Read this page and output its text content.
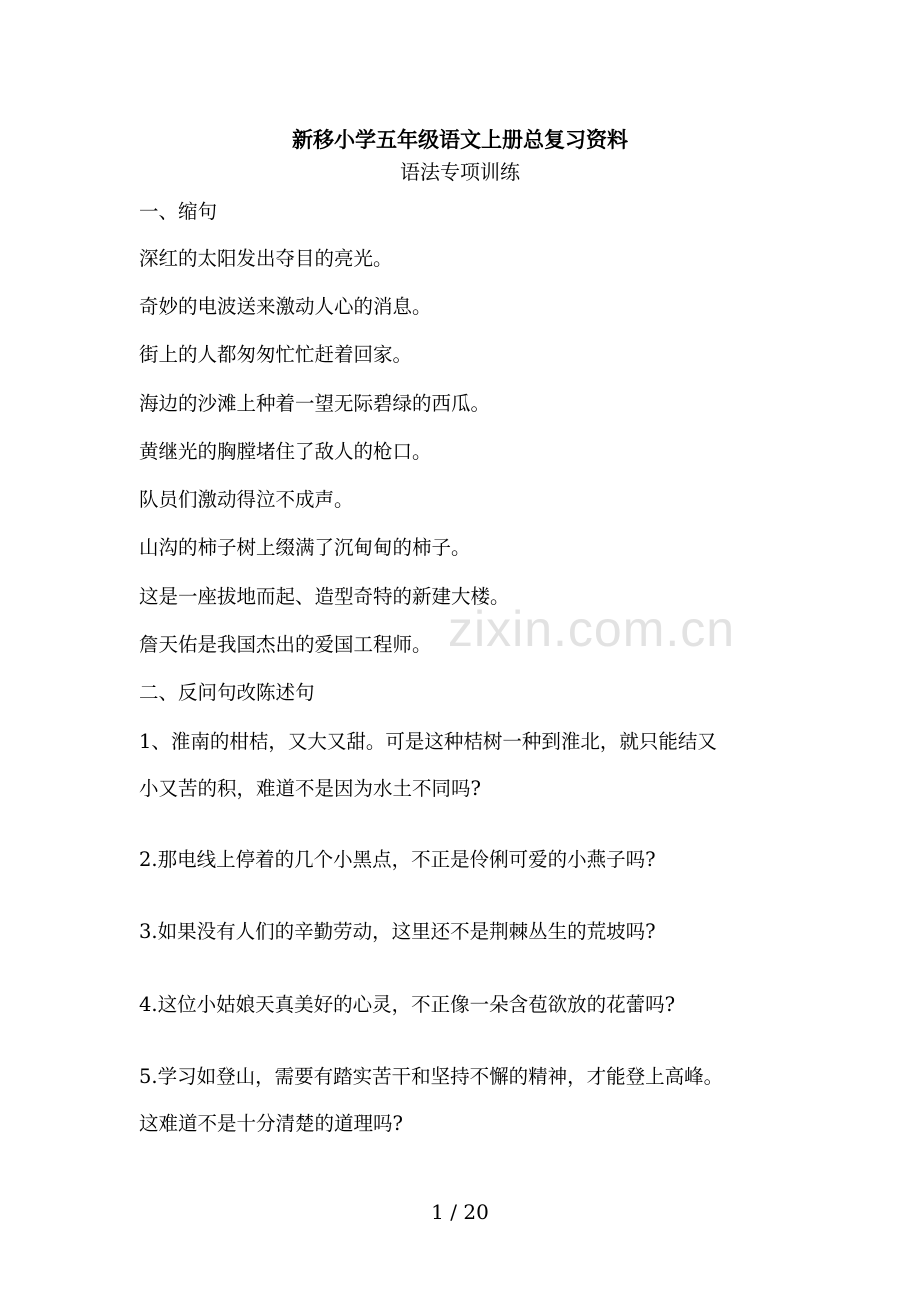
zixin.com.cn
新移小学五年级语文上册总复习资料
语法专项训练
一、缩句
深红的太阳发出夺目的亮光。
奇妙的电波送来激动人心的消息。
街上的人都匆匆忙忙赶着回家。
海边的沙滩上种着一望无际碧绿的西瓜。
黄继光的胸膛堵住了敌人的枪口。
队员们激动得泣不成声。
山沟的柿子树上缀满了沉甸甸的柿子。
这是一座拔地而起、造型奇特的新建大楼。
詹天佑是我国杰出的爱国工程师。
二、反问句改陈述句
1、淮南的柑桔，又大又甜。可是这种桔树一种到淮北，就只能结又
小又苦的积，难道不是因为水土不同吗?
2.那电线上停着的几个小黑点，不正是伶俐可爱的小燕子吗?
3.如果没有人们的辛勤劳动，这里还不是荆棘丛生的荒坡吗?
4.这位小姑娘天真美好的心灵，不正像一朵含苞欲放的花蕾吗?
5.学习如登山，需要有踏实苦干和坚持不懈的精神，才能登上高峰。
这难道不是十分清楚的道理吗?
1 / 20
